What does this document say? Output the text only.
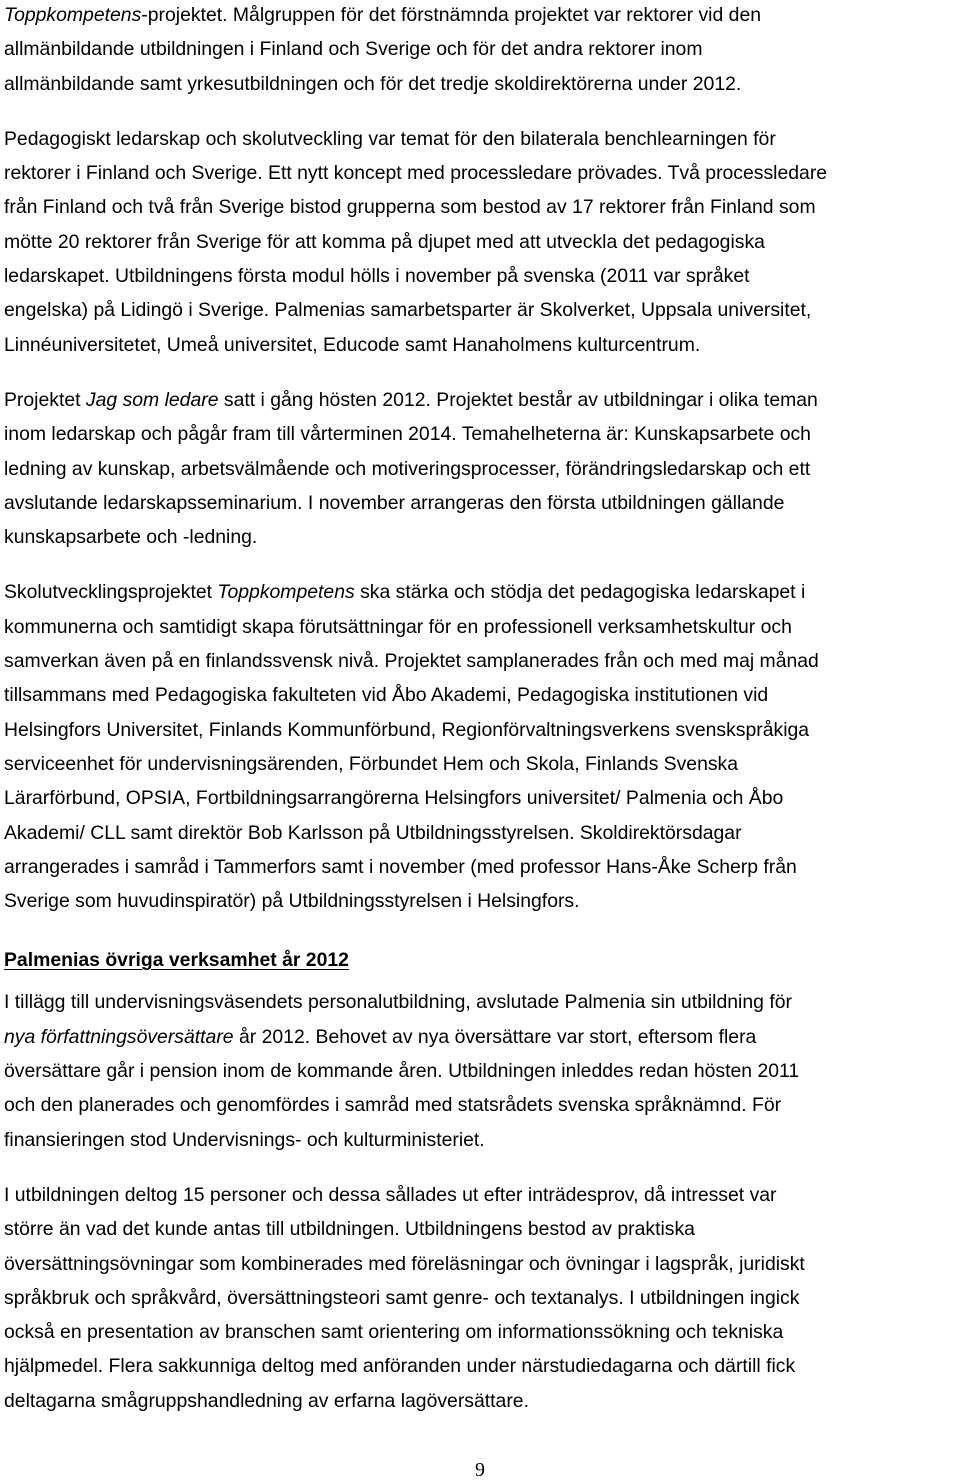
Toppkompetens-projektet. Målgruppen för det förstnämnda projektet var rektorer vid den
allmänbildande utbildningen i Finland och Sverige och för det andra rektorer inom
allmänbildande samt yrkesutbildningen och för det tredje skoldirektörerna under 2012.

Pedagogiskt ledarskap och skolutveckling var temat för den bilaterala benchlearningen för
rektorer i Finland och Sverige. Ett nytt koncept med processledare prövades. Två processledare
från Finland och två från Sverige bistod grupperna som bestod av 17 rektorer från Finland som
mötte 20 rektorer från Sverige för att komma på djupet med att utveckla det pedagogiska
ledarskapet. Utbildningens första modul hölls i november på svenska (2011 var språket
engelska) på Lidingö i Sverige. Palmenias samarbetsparter är Skolverket, Uppsala universitet,
Linnéuniversitetet, Umeå universitet, Educode samt Hanaholmens kulturcentrum.

Projektet Jag som ledare satt i gång hösten 2012. Projektet består av utbildningar i olika teman
inom ledarskap och pågår fram till vårterminen 2014. Temahelheterna är: Kunskapsarbete och
ledning av kunskap, arbetsvälmående och motiveringsprocesser, förändringsledarskap och ett
avslutande ledarskapsseminarium. I november arrangeras den första utbildningen gällande
kunskapsarbete och -ledning.

Skolutvecklingsprojektet Toppkompetens ska stärka och stödja det pedagogiska ledarskapet i
kommunerna och samtidigt skapa förutsättningar för en professionell verksamhetskultur och
samverkan även på en finlandssvensk nivå. Projektet samplanerades från och med maj månad
tillsammans med Pedagogiska fakulteten vid Åbo Akademi, Pedagogiska institutionen vid
Helsingfors Universitet, Finlands Kommunförbund, Regionförvaltningsverkens svenskspråkiga
serviceenhet för undervisningsärenden, Förbundet Hem och Skola, Finlands Svenska
Lärarförbund, OPSIA, Fortbildningsarrangörerna Helsingfors universitet/ Palmenia och Åbo
Akademi/ CLL samt direktör Bob Karlsson på Utbildningsstyrelsen. Skoldirektörsdagar
arrangerades i samråd i Tammerfors samt i november (med professor Hans-Åke Scherp från
Sverige som huvudinspiratör) på Utbildningsstyrelsen i Helsingfors.

Palmenias övriga verksamhet år 2012

I tillägg till undervisningsväsendets personalutbildning, avslutade Palmenia sin utbildning för
nya författningsöversättare år 2012. Behovet av nya översättare var stort, eftersom flera
översättare går i pension inom de kommande åren. Utbildningen inleddes redan hösten 2011
och den planerades och genomfördes i samråd med statsrådets svenska språknämnd. För
finansieringen stod Undervisnings- och kulturministeriet.

I utbildningen deltog 15 personer och dessa sållades ut efter inträdesprov, då intresset var
större än vad det kunde antas till utbildningen. Utbildningens bestod av praktiska
översättningsövningar som kombinerades med föreläsningar och övningar i lagspråk, juridiskt
språkbruk och språkvård, översättningsteori samt genre- och textanalys. I utbildningen ingick
också en presentation av branschen samt orientering om informationssökning och tekniska
hjälpmedel. Flera sakkunniga deltog med anföranden under närstudiedagarna och därtill fick
deltagarna smågruppshandledning av erfarna lagöversättare.

9
